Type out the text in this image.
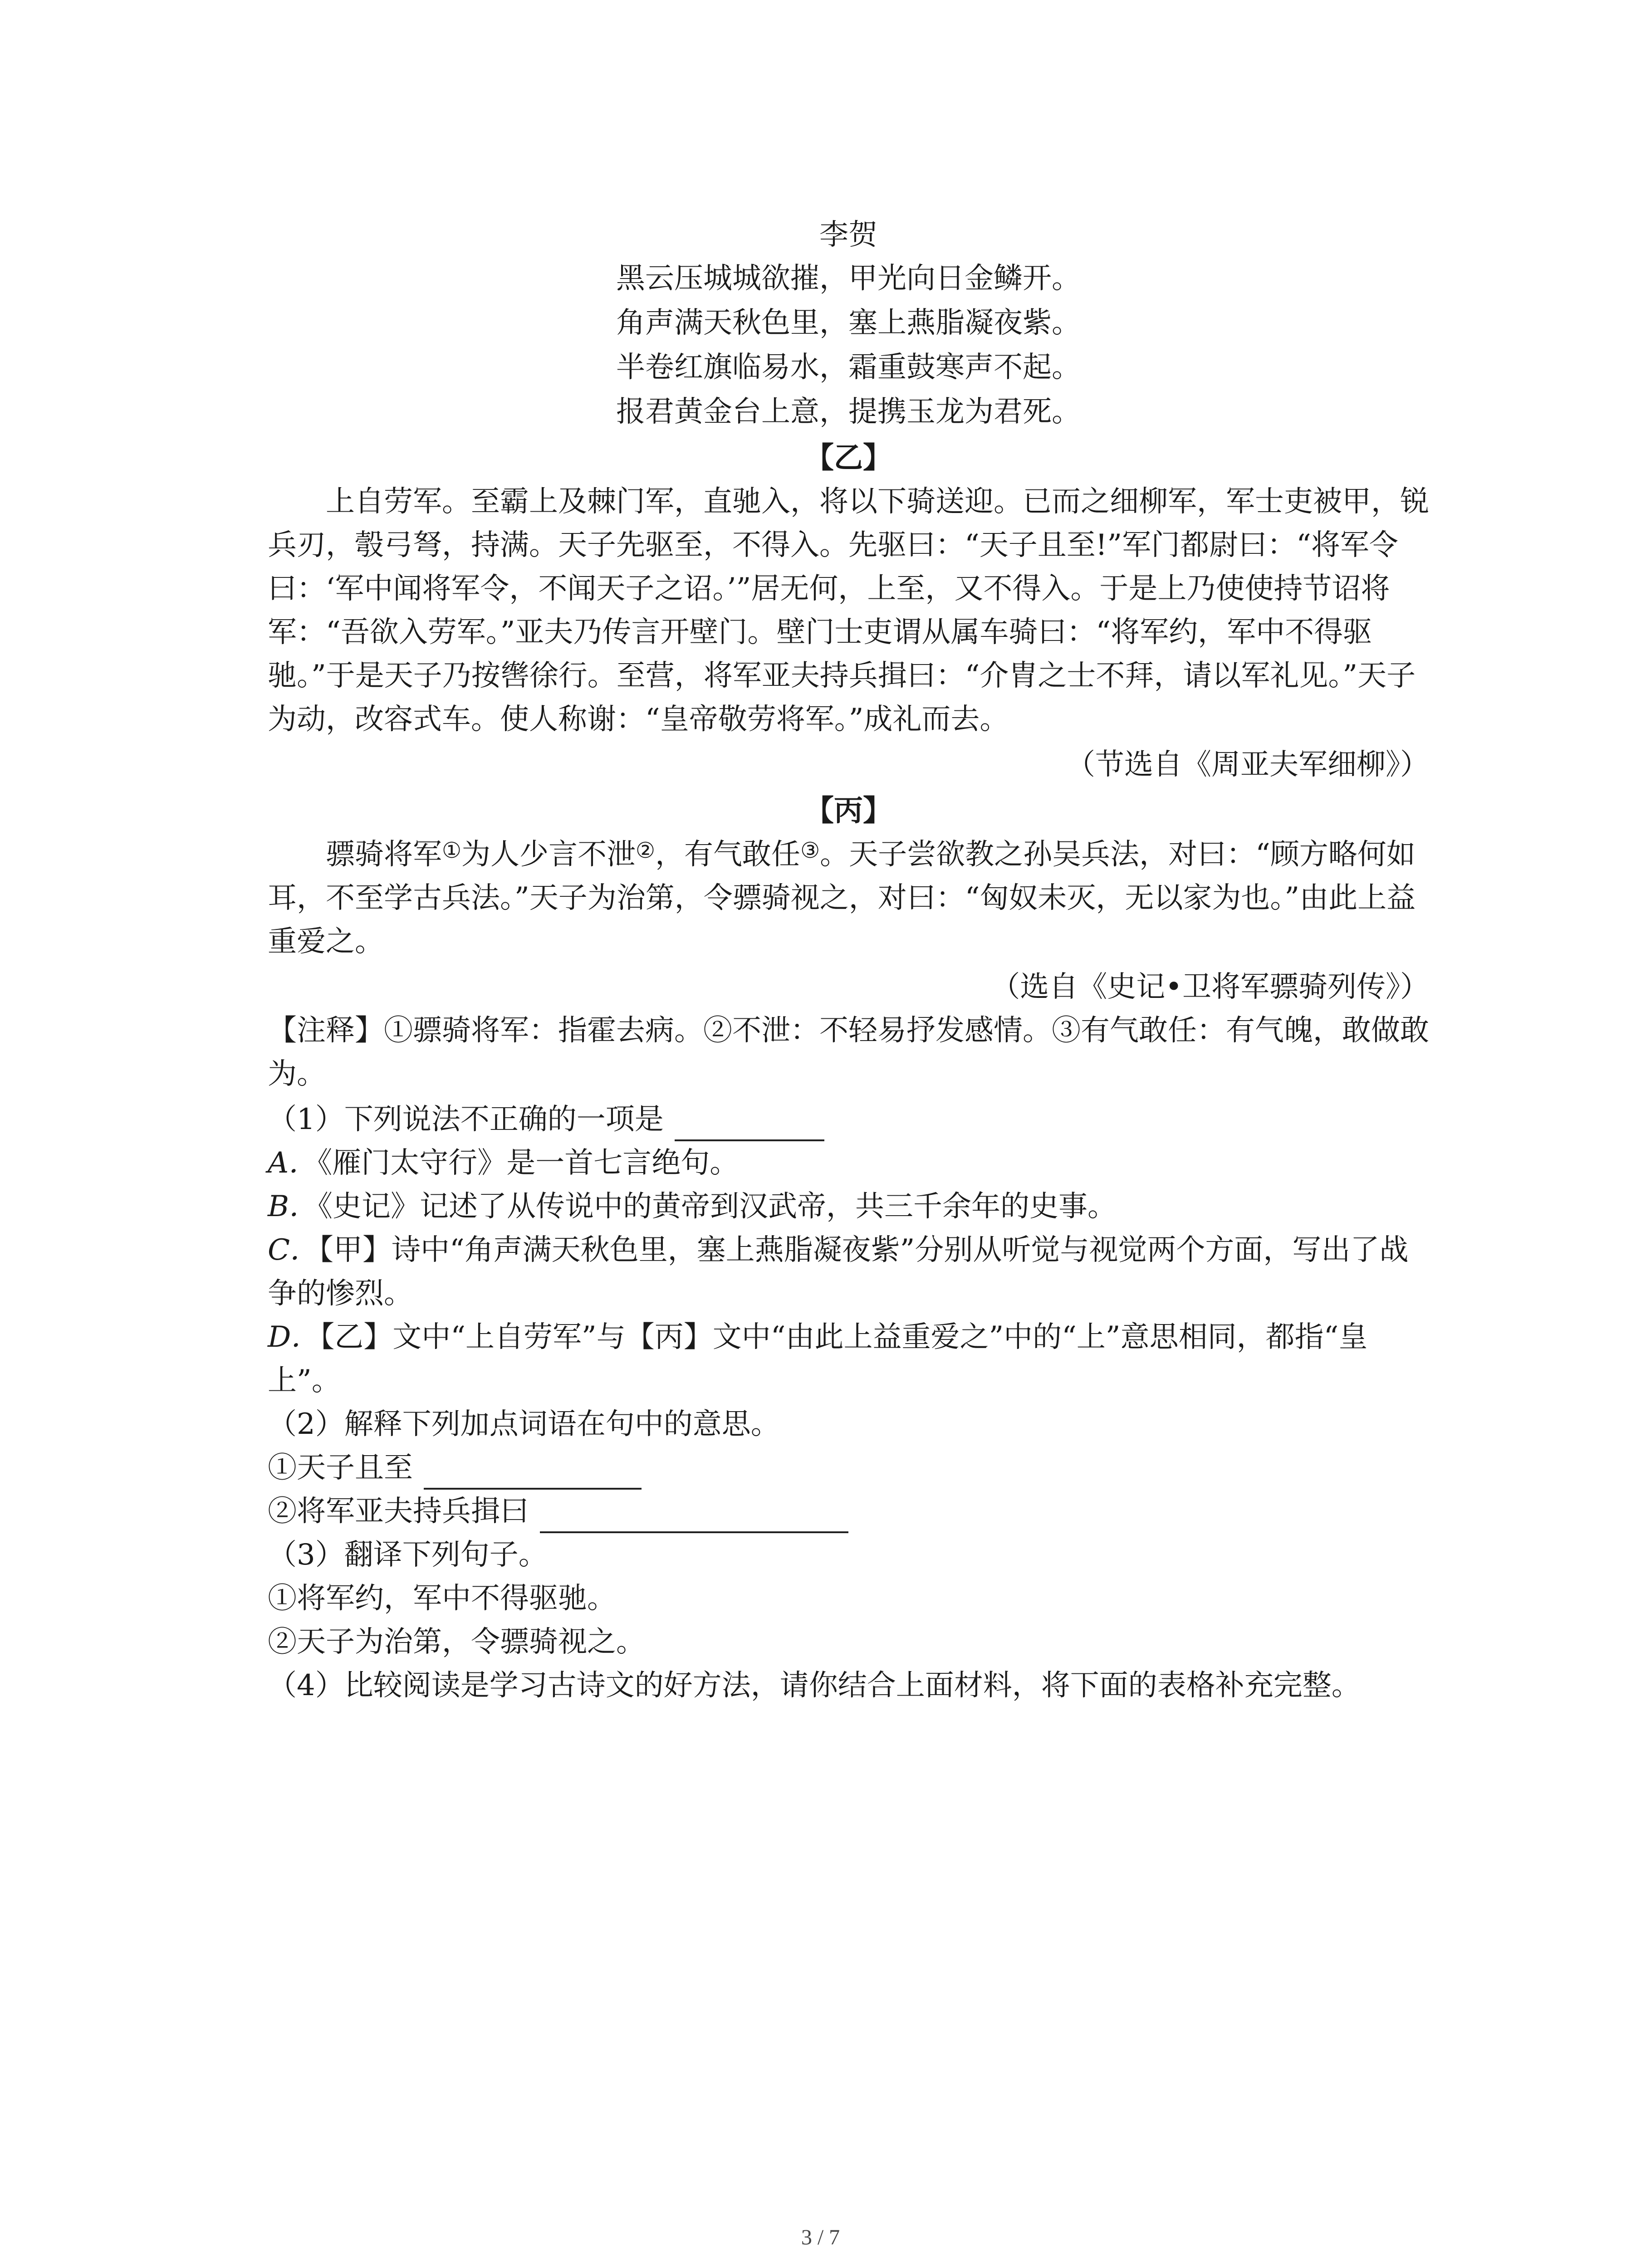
李贺

黑云压城城欲摧，甲光向日金鳞开。

角声满天秋色里，塞上燕脂凝夜紫。

半卷红旗临易水，霜重鼓寒声不起。

报君黄金台上意，提携玉龙为君死。

【乙】

上自劳军。至霸上及棘门军，直驰入，将以下骑送迎。已而之细柳军，军士吏被甲，锐兵刃，彀弓弩，持满。天子先驱至，不得入。先驱曰：“天子且至!”军门都尉曰：“将军令曰：‘军中闻将军令，不闻天子之诏。’”居无何，上至，又不得入。于是上乃使使持节诏将军：“吾欲入劳军。”亚夫乃传言开壁门。壁门士吏谓从属车骑曰：“将军约，军中不得驱驰。”于是天子乃按辔徐行。至营，将军亚夫持兵揖曰：“介胄之士不拜，请以军礼见。”天子为动，改容式车。使人称谢：“皇帝敬劳将军。”成礼而去。

（节选自《周亚夫军细柳》）

【丙】

骠骑将军①为人少言不泄②，有气敢任③。天子尝欲教之孙吴兵法，对曰：“顾方略何如耳，不至学古兵法。”天子为治第，令骠骑视之，对曰：“匈奴未灭，无以家为也。”由此上益重爱之。

（选自《史记•卫将军骠骑列传》）

【注释】①骠骑将军：指霍去病。②不泄：不轻易抒发感情。③有气敢任：有气魄，敢做敢为。

（1）下列说法不正确的一项是

A．《雁门太守行》是一首七言绝句。

B．《史记》记述了从传说中的黄帝到汉武帝，共三千余年的史事。

C．【甲】诗中“角声满天秋色里，塞上燕脂凝夜紫”分别从听觉与视觉两个方面，写出了战争的惨烈。

D．【乙】文中“上自劳军”与【丙】文中“由此上益重爱之”中的“上”意思相同，都指“皇上”。

（2）解释下列加点词语在句中的意思。

①天子且至

②将军亚夫持兵揖曰

（3）翻译下列句子。

①将军约，军中不得驱驰。

②天子为治第，令骠骑视之。

（4）比较阅读是学习古诗文的好方法，请你结合上面材料，将下面的表格补充完整。

3 / 7
